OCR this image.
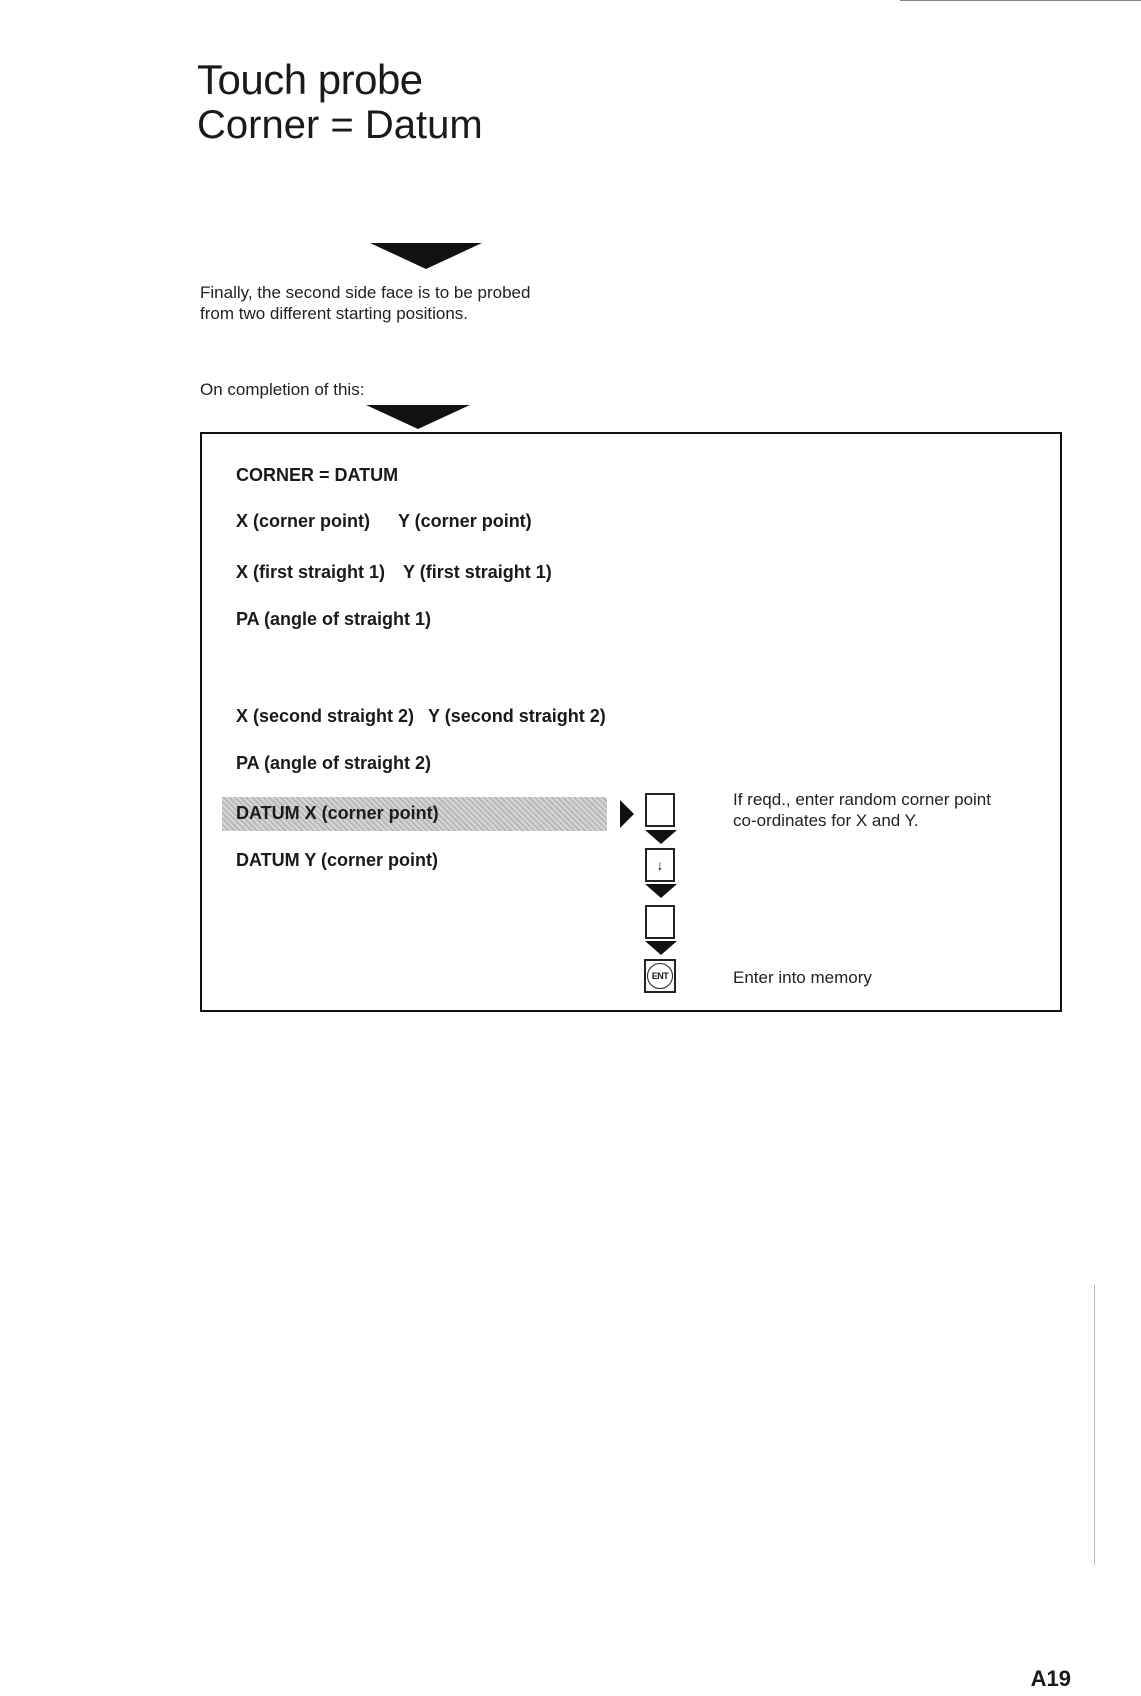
Touch probe
Corner = Datum
Finally, the second side face is to be probed
from two different starting positions.
On completion of this:
CORNER = DATUM
X (corner point) Y (corner point)
X (first straight 1) Y (first straight 1)
PA (angle of straight 1)
X (second straight 2) Y (second straight 2)
PA (angle of straight 2)
DATUM X (corner point)
DATUM Y (corner point)	↓
ENT
If reqd., enter random corner point
co-ordinates for X and Y.
Enter into memory
A19
